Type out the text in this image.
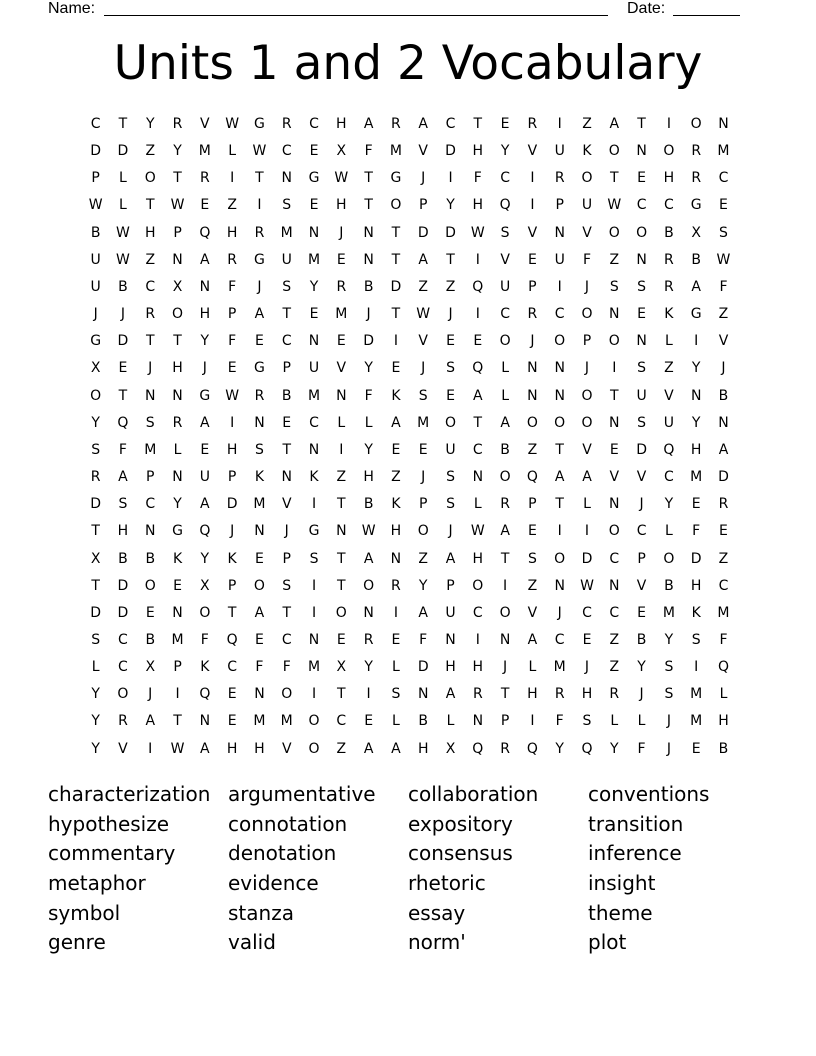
Name:	Date:
Units 1 and 2 Vocabulary
C	T	Y	R	V	W	G	R	C	H	A	R	A	C	T	E	R	I	Z	A	T	I	O	N
D	D	Z	Y	M	L	W	C	E	X	F	M	V	D	H	Y	V	U	K	O	N	O	R	M
P	L	O	T	R	I	T	N	G	W	T	G	J	I	F	C	I	R	O	T	E	H	R	C
W	L	T	W	E	Z	I	S	E	H	T	O	P	Y	H	Q	I	P	U	W	C	C	G	E
B	W	H	P	Q	H	R	M	N	J	N	T	D	D	W	S	V	N	V	O	O	B	X	S
U	W	Z	N	A	R	G	U	M	E	N	T	A	T	I	V	E	U	F	Z	N	R	B	W
U	B	C	X	N	F	J	S	Y	R	B	D	Z	Z	Q	U	P	I	J	S	S	R	A	F
J	J	R	O	H	P	A	T	E	M	J	T	W	J	I	C	R	C	O	N	E	K	G	Z
G	D	T	T	Y	F	E	C	N	E	D	I	V	E	E	O	J	O	P	O	N	L	I	V
X	E	J	H	J	E	G	P	U	V	Y	E	J	S	Q	L	N	N	J	I	S	Z	Y	J
O	T	N	N	G	W	R	B	M	N	F	K	S	E	A	L	N	N	O	T	U	V	N	B
Y	Q	S	R	A	I	N	E	C	L	L	A	M	O	T	A	O	O	O	N	S	U	Y	N
S	F	M	L	E	H	S	T	N	I	Y	E	E	U	C	B	Z	T	V	E	D	Q	H	A
R	A	P	N	U	P	K	N	K	Z	H	Z	J	S	N	O	Q	A	A	V	V	C	M	D
D	S	C	Y	A	D	M	V	I	T	B	K	P	S	L	R	P	T	L	N	J	Y	E	R
T	H	N	G	Q	J	N	J	G	N	W	H	O	J	W	A	E	I	I	O	C	L	F	E
X	B	B	K	Y	K	E	P	S	T	A	N	Z	A	H	T	S	O	D	C	P	O	D	Z
T	D	O	E	X	P	O	S	I	T	O	R	Y	P	O	I	Z	N	W	N	V	B	H	C
D	D	E	N	O	T	A	T	I	O	N	I	A	U	C	O	V	J	C	C	E	M	K	M
S	C	B	M	F	Q	E	C	N	E	R	E	F	N	I	N	A	C	E	Z	B	Y	S	F
L	C	X	P	K	C	F	F	M	X	Y	L	D	H	H	J	L	M	J	Z	Y	S	I	Q
Y	O	J	I	Q	E	N	O	I	T	I	S	N	A	R	T	H	R	H	R	J	S	M	L
Y	R	A	T	N	E	M	M	O	C	E	L	B	L	N	P	I	F	S	L	L	J	M	H
Y	V	I	W	A	H	H	V	O	Z	A	A	H	X	Q	R	Q	Y	Q	Y	F	J	E	B
characterization argumentative	collaboration	conventions
hypothesize	connotation	expository	transition
commentary	denotation	consensus	inference
metaphor	evidence	rhetoric	insight
symbol	stanza	essay	theme
genre	valid	norm'	plot
